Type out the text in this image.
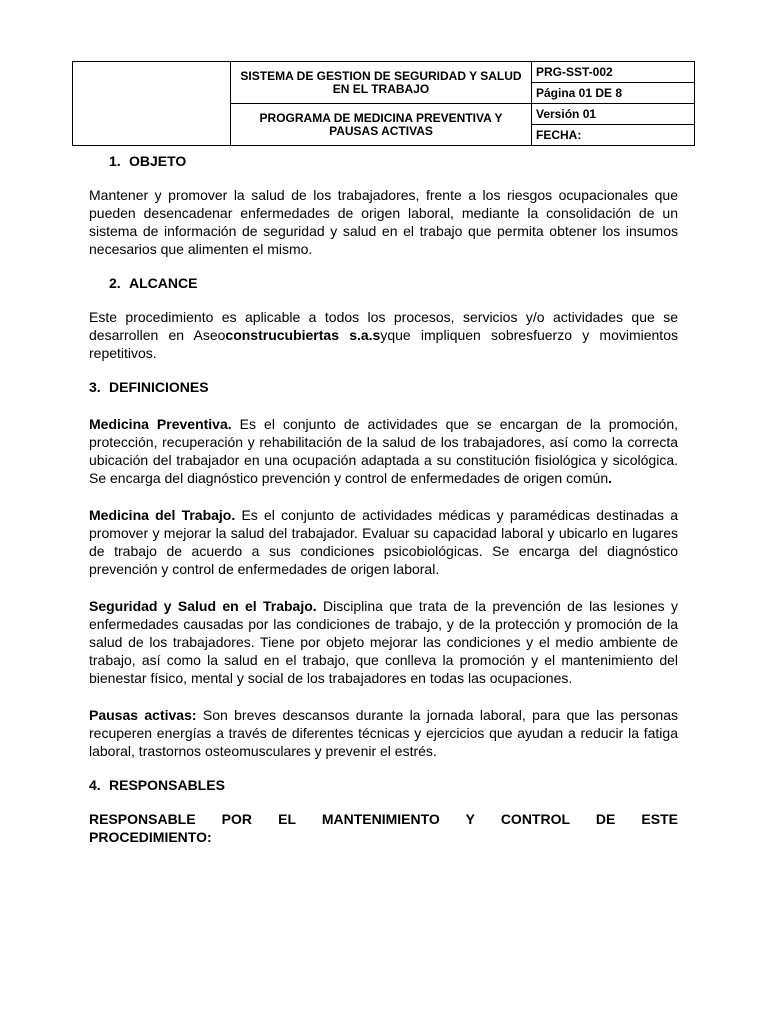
	SISTEMA DE GESTION DE SEGURIDAD Y SALUD EN EL TRABAJO	PRG-SST-002
		Página 01 DE 8
	PROGRAMA DE MEDICINA PREVENTIVA Y PAUSAS ACTIVAS	Versión 01
		FECHA:
1. OBJETO

Mantener y promover la salud de los trabajadores, frente a los riesgos ocupacionales que pueden desencadenar enfermedades de origen laboral, mediante la consolidación de un sistema de información de seguridad y salud en el trabajo que permita obtener los insumos necesarios que alimenten el mismo.

2. ALCANCE

Este procedimiento es aplicable a todos los procesos, servicios y/o actividades que se desarrollen en Aseoconstrucubiertas s.a.syque impliquen sobresfuerzo y movimientos repetitivos.

3. DEFINICIONES

Medicina Preventiva. Es el conjunto de actividades que se encargan de la promoción, protección, recuperación y rehabilitación de la salud de los trabajadores, así como la correcta ubicación del trabajador en una ocupación adaptada a su constitución fisiológica y sicológica. Se encarga del diagnóstico prevención y control de enfermedades de origen común.

Medicina del Trabajo. Es el conjunto de actividades médicas y paramédicas destinadas a promover y mejorar la salud del trabajador. Evaluar su capacidad laboral y ubicarlo en lugares de trabajo de acuerdo a sus condiciones psicobiológicas. Se encarga del diagnóstico prevención y control de enfermedades de origen laboral.

Seguridad y Salud en el Trabajo. Disciplina que trata de la prevención de las lesiones y enfermedades causadas por las condiciones de trabajo, y de la protección y promoción de la salud de los trabajadores. Tiene por objeto mejorar las condiciones y el medio ambiente de trabajo, así como la salud en el trabajo, que conlleva la promoción y el mantenimiento del bienestar físico, mental y social de los trabajadores en todas las ocupaciones.

Pausas activas: Son breves descansos durante la jornada laboral, para que las personas recuperen energías a través de diferentes técnicas y ejercicios que ayudan a reducir la fatiga laboral, trastornos osteomusculares y prevenir el estrés.

4. RESPONSABLES

RESPONSABLE POR EL MANTENIMIENTO Y CONTROL DE ESTE

PROCEDIMIENTO:
